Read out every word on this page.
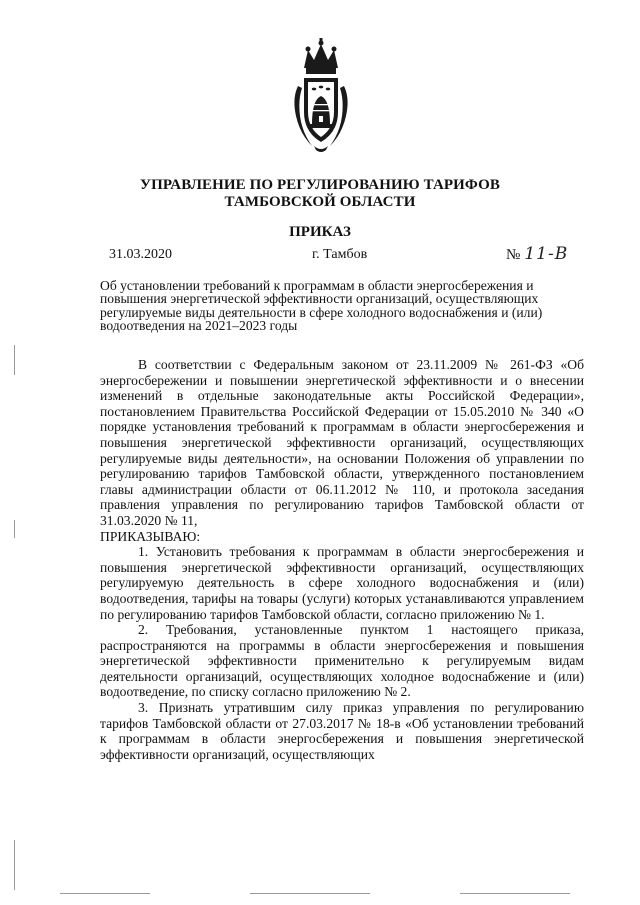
УПРАВЛЕНИЕ ПО РЕГУЛИРОВАНИЮ ТАРИФОВ
ТАМБОВСКОЙ ОБЛАСТИ
ПРИКАЗ
31.03.2020	г. Тамбов	№ 11-В
Об установлении требований к программам в области энергосбережения и повышения энергетической эффективности организаций, осуществляющих регулируемые виды деятельности в сфере холодного водоснабжения и (или) водоотведения на 2021–2023 годы

В соответствии с Федеральным законом от 23.11.2009 № 261-ФЗ «Об энергосбережении и повышении энергетической эффективности и о внесении изменений в отдельные законодательные акты Российской Федерации», постановлением Правительства Российской Федерации от 15.05.2010 № 340 «О порядке установления требований к программам в области энергосбережения и повышения энергетической эффективности организаций, осуществляющих регулируемые виды деятельности», на основании Положения об управлении по регулированию тарифов Тамбовской области, утвержденного постановлением главы администрации области от 06.11.2012 № 110, и протокола заседания правления управления по регулированию тарифов Тамбовской области от 31.03.2020 № 11,

ПРИКАЗЫВАЮ:

1. Установить требования к программам в области энергосбережения и повышения энергетической эффективности организаций, осуществляющих регулируемую деятельность в сфере холодного водоснабжения и (или) водоотведения, тарифы на товары (услуги) которых устанавливаются управлением по регулированию тарифов Тамбовской области, согласно приложению № 1.

2. Требования, установленные пунктом 1 настоящего приказа, распространяются на программы в области энергосбережения и повышения энергетической эффективности применительно к регулируемым видам деятельности организаций, осуществляющих холодное водоснабжение и (или) водоотведение, по списку согласно приложению № 2.

3. Признать утратившим силу приказ управления по регулированию тарифов Тамбовской области от 27.03.2017 № 18-в «Об установлении требований к программам в области энергосбережения и повышения энергетической эффективности организаций, осуществляющих
